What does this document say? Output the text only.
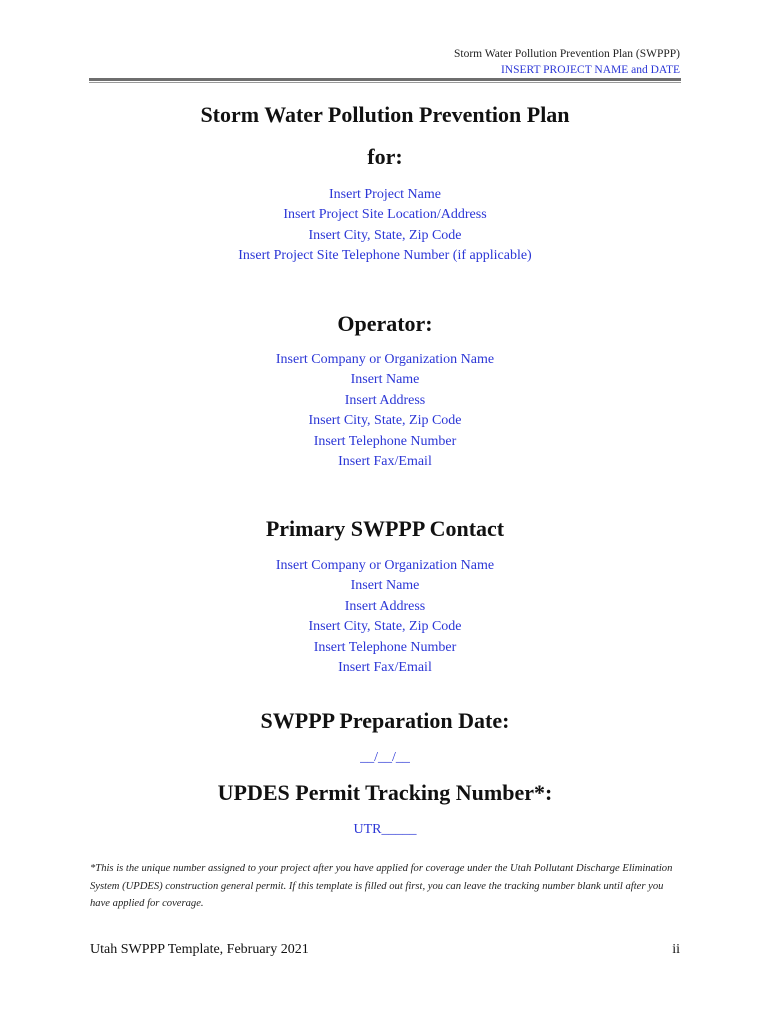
Storm Water Pollution Prevention Plan (SWPPP)
INSERT PROJECT NAME and DATE
Storm Water Pollution Prevention Plan
for:
Insert Project Name
Insert Project Site Location/Address
Insert City, State, Zip Code
Insert Project Site Telephone Number (if applicable)
Operator:
Insert Company or Organization Name
Insert Name
Insert Address
Insert City, State, Zip Code
Insert Telephone Number
Insert Fax/Email
Primary SWPPP Contact
Insert Company or Organization Name
Insert Name
Insert Address
Insert City, State, Zip Code
Insert Telephone Number
Insert Fax/Email
SWPPP Preparation Date:
__/__/__
UPDES Permit Tracking Number*:
UTR_____
*This is the unique number assigned to your project after you have applied for coverage under the Utah Pollutant Discharge Elimination System (UPDES) construction general permit. If this template is filled out first, you can leave the tracking number blank until after you have applied for coverage.
Utah SWPPP Template, February 2021	ii
